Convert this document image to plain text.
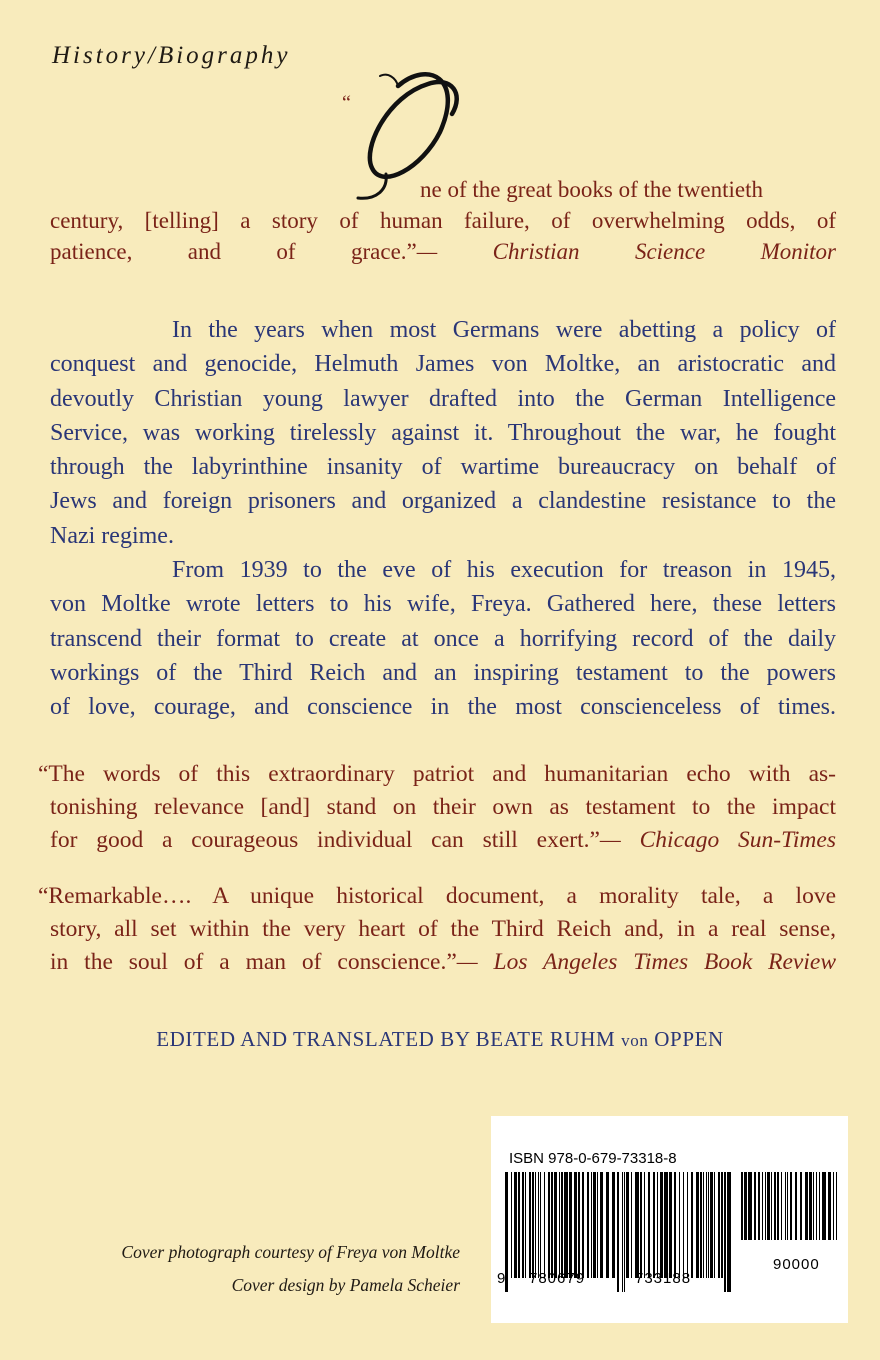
History/Biography
“
O
ne of the great books of the twentieth
century, [telling] a story of human failure, of overwhelming odds, of
patience, and of grace.”— Christian Science Monitor
In the years when most Germans were abetting a policy of
conquest and genocide, Helmuth James von Moltke, an aristocratic and
devoutly Christian young lawyer drafted into the German Intelligence
Service, was working tirelessly against it. Throughout the war, he fought
through the labyrinthine insanity of wartime bureaucracy on behalf of
Jews and foreign prisoners and organized a clandestine resistance to the
Nazi regime.
From 1939 to the eve of his execution for treason in 1945,
von Moltke wrote letters to his wife, Freya. Gathered here, these letters
transcend their format to create at once a horrifying record of the daily
workings of the Third Reich and an inspiring testament to the powers
of love, courage, and conscience in the most conscienceless of times.
“The words of this extraordinary patriot and humanitarian echo with as-
tonishing relevance [and] stand on their own as testament to the impact
for good a courageous individual can still exert.”— Chicago Sun-Times
“Remarkable…. A unique historical document, a morality tale, a love
story, all set within the very heart of the Third Reich and, in a real sense,
in the soul of a man of conscience.”— Los Angeles Times Book Review
EDITED AND TRANSLATED BY BEATE RUHM von OPPEN
Cover photograph courtesy of Freya von Moltke
Cover design by Pamela Scheier
ISBN 978-0-679-73318-8
9 780679	733188
90000
